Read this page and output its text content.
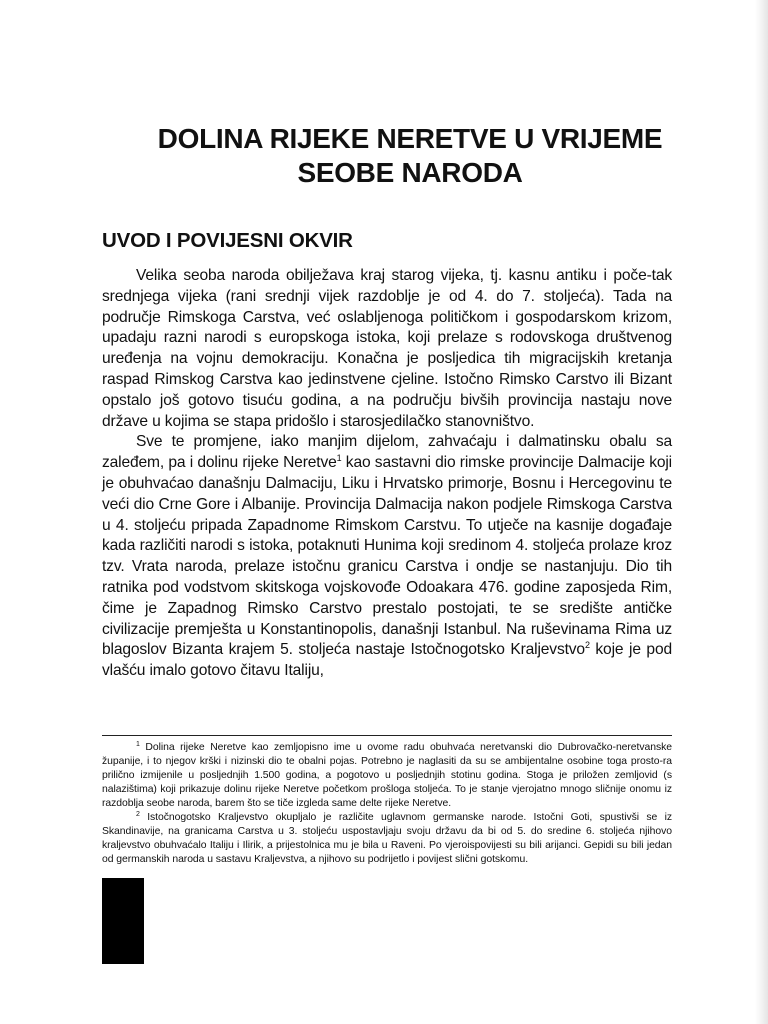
DOLINA RIJEKE NERETVE U VRIJEME
SEOBE NARODA
UVOD I POVIJESNI OKVIR

Velika seoba naroda obilježava kraj starog vijeka, tj. kasnu antiku i poče-tak srednjega vijeka (rani srednji vijek razdoblje je od 4. do 7. stoljeća). Tada na područje Rimskoga Carstva, već oslabljenoga političkom i gospodarskom krizom, upadaju razni narodi s europskoga istoka, koji prelaze s rodovskoga društvenog uređenja na vojnu demokraciju. Konačna je posljedica tih migracijskih kretanja raspad Rimskog Carstva kao jedinstvene cjeline. Istočno Rimsko Carstvo ili Bizant opstalo još gotovo tisuću godina, a na području bivših provincija nastaju nove države u kojima se stapa pridošlo i starosjedilačko stanovništvo.

Sve te promjene, iako manjim dijelom, zahvaćaju i dalmatinsku obalu sa zaleđem, pa i dolinu rijeke Neretve$^1$ kao sastavni dio rimske provincije Dalmacije koji je obuhvaćao današnju Dalmaciju, Liku i Hrvatsko primorje, Bosnu i Hercegovinu te veći dio Crne Gore i Albanije. Provincija Dalmacija nakon podjele Rimskoga Carstva u 4. stoljeću pripada Zapadnome Rimskom Carstvu. To utječe na kasnije događaje kada različiti narodi s istoka, potaknuti Hunima koji sredinom 4. stoljeća prolaze kroz tzv. Vrata naroda, prelaze istočnu granicu Carstva i ondje se nastanjuju. Dio tih ratnika pod vodstvom skitskoga vojskovođe Odoakara 476. godine zaposjeda Rim, čime je Zapadnog Rimsko Carstvo prestalo postojati, te se središte antičke civilizacije premješta u Konstantinopolis, današnji Istanbul. Na ruševinama Rima uz blagoslov Bizanta krajem 5. stoljeća nastaje Istočnogotsko Kraljevstvo$^2$ koje je pod vlašću imalo gotovo čitavu Italiju,

$^1$ Dolina rijeke Neretve kao zemljopisno ime u ovome radu obuhvaća neretvanski dio Dubrovačko-neretvanske županije, i to njegov krški i nizinski dio te obalni pojas. Potrebno je naglasiti da su se ambijentalne osobine toga prosto-ra prilično izmijenile u posljednjih 1.500 godina, a pogotovo u posljednjih stotinu godina. Stoga je priložen zemljovid (s nalazištima) koji prikazuje dolinu rijeke Neretve početkom prošloga stoljeća. To je stanje vjerojatno mnogo sličnije onomu iz razdoblja seobe naroda, barem što se tiče izgleda same delte rijeke Neretve.

$^2$ Istočnogotsko Kraljevstvo okupljalo je različite uglavnom germanske narode. Istočni Goti, spustivši se iz Skandinavije, na granicama Carstva u 3. stoljeću uspostavljaju svoju državu da bi od 5. do sredine 6. stoljeća njihovo kraljevstvo obuhvaćalo Italiju i Ilirik, a prijestolnica mu je bila u Raveni. Po vjeroispovijesti su bili arijanci. Gepidi su bili jedan od germanskih naroda u sastavu Kraljevstva, a njihovo su podrijetlo i povijest slični gotskomu.
